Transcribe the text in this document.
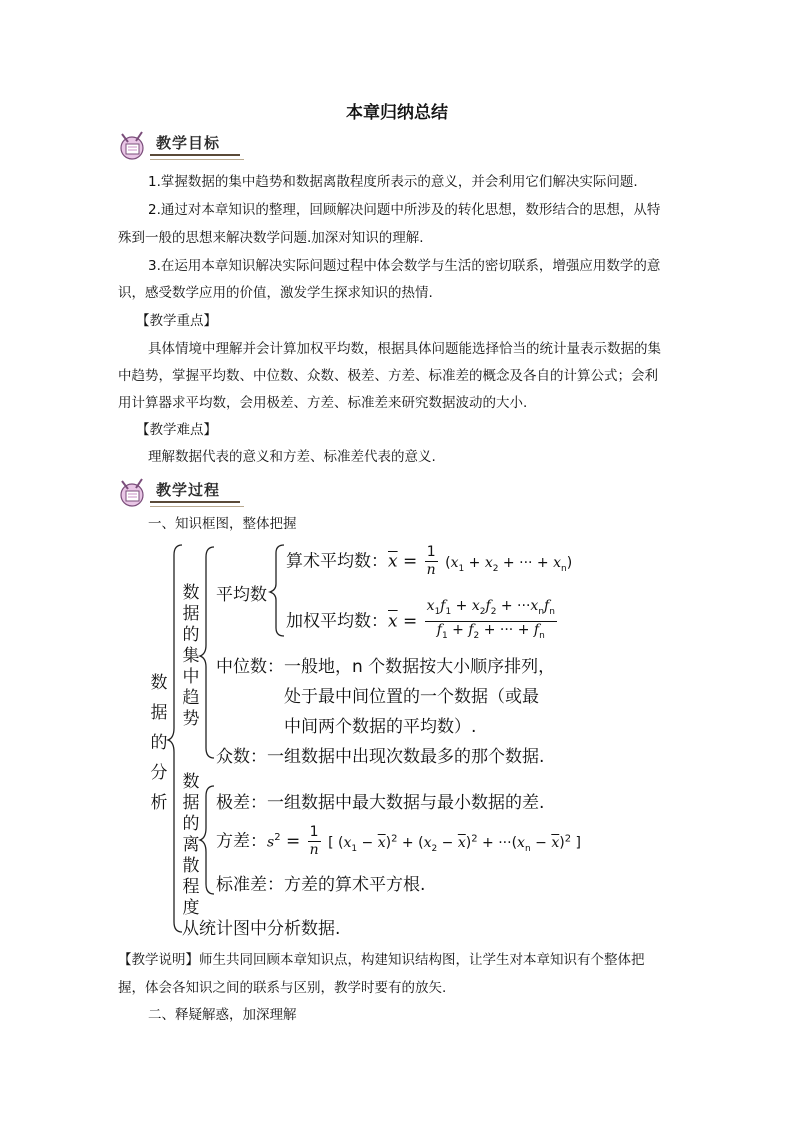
本章归纳总结
教学目标
1.掌握数据的集中趋势和数据离散程度所表示的意义，并会利用它们解决实际问题.
2.通过对本章知识的整理，回顾解决问题中所涉及的转化思想，数形结合的思想，从特
殊到一般的思想来解决数学问题.加深对知识的理解.
3.在运用本章知识解决实际问题过程中体会数学与生活的密切联系，增强应用数学的意
识，感受数学应用的价值，激发学生探求知识的热情.
【教学重点】
具体情境中理解并会计算加权平均数，根据具体问题能选择恰当的统计量表示数据的集
中趋势，掌握平均数、中位数、众数、极差、方差、标准差的概念及各自的计算公式；会利
用计算器求平均数，会用极差、方差、标准差来研究数据波动的大小.
【教学难点】
理解数据代表的意义和方差、标准差代表的意义.
教学过程
一、知识框图，整体把握
数据的分析
数据的集中趋势
数据的离散程度
平均数
算术平均数：$\overline{x} = \frac{1}{n} (x_1 + x_2$ + ··· + $x_n$)
加权平均数：$\overline{x} = \frac{x_1f_1 + x_2f_2 + \cdot\cdot\cdot x_nf_n}{f_1 + f_2 + \cdot\cdot\cdot + f_n}$
中位数：一般地，n 个数据按大小顺序排列，
处于最中间位置的一个数据（或最
中间两个数据的平均数）.
众数：一组数据中出现次数最多的那个数据.
极差：一组数据中最大数据与最小数据的差.
方差：$s^2 = \frac{1}{n}$ [ $(x_1 - \overline{x})^2 + (x_2 - \overline{x})^2 + \cdot\cdot\cdot(x_n - \overline{x})^2$ ]
标准差：方差的算术平方根.
从统计图中分析数据.
【教学说明】师生共同回顾本章知识点，构建知识结构图，让学生对本章知识有个整体把
握，体会各知识之间的联系与区别，教学时要有的放矢.
二、释疑解惑，加深理解
